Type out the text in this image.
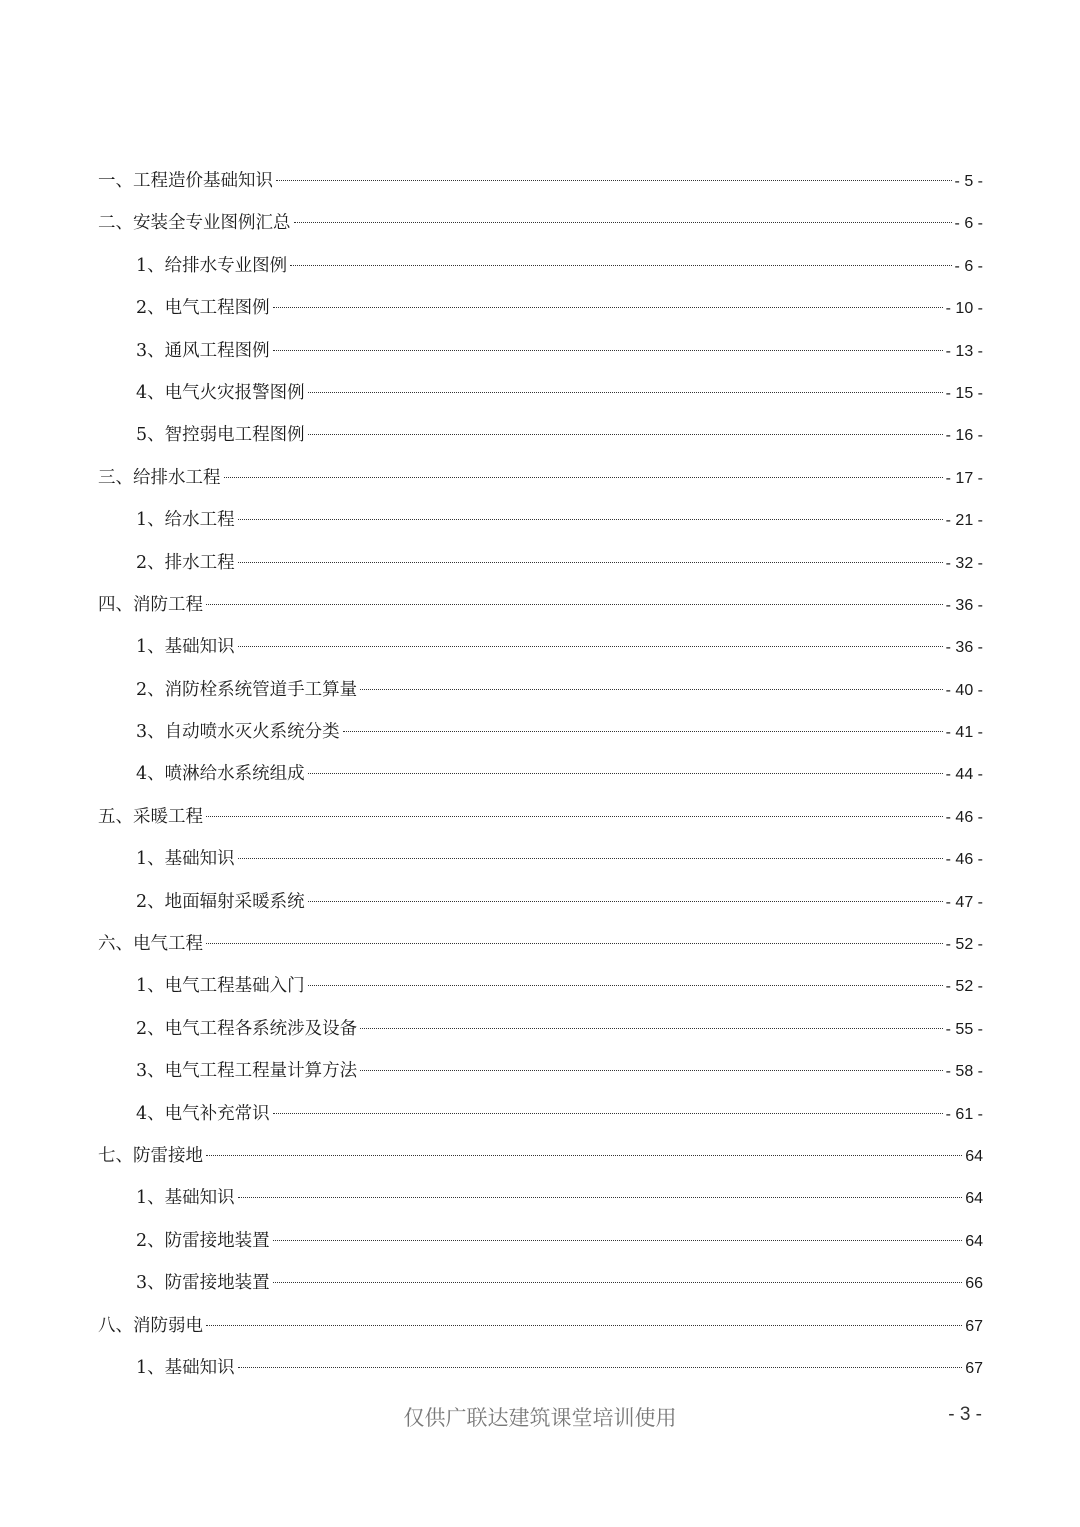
一、工程造价基础知识	- 5 -
二、安装全专业图例汇总	- 6 -
1、给排水专业图例	- 6 -
2、电气工程图例	- 10 -
3、通风工程图例	- 13 -
4、电气火灾报警图例	- 15 -
5、智控弱电工程图例	- 16 -
三、给排水工程	- 17 -
1、给水工程	- 21 -
2、排水工程	- 32 -
四、消防工程	- 36 -
1、基础知识	- 36 -
2、消防栓系统管道手工算量	- 40 -
3、自动喷水灭火系统分类	- 41 -
4、喷淋给水系统组成	- 44 -
五、采暖工程	- 46 -
1、基础知识	- 46 -
2、地面辐射采暖系统	- 47 -
六、电气工程	- 52 -
1、电气工程基础入门	- 52 -
2、电气工程各系统涉及设备	- 55 -
3、电气工程工程量计算方法	- 58 -
4、电气补充常识	- 61 -
七、防雷接地	64
1、基础知识	64
2、防雷接地装置	64
3、防雷接地装置	66
八、消防弱电	67
1、基础知识	67
仅供广联达建筑课堂培训使用	- 3 -
